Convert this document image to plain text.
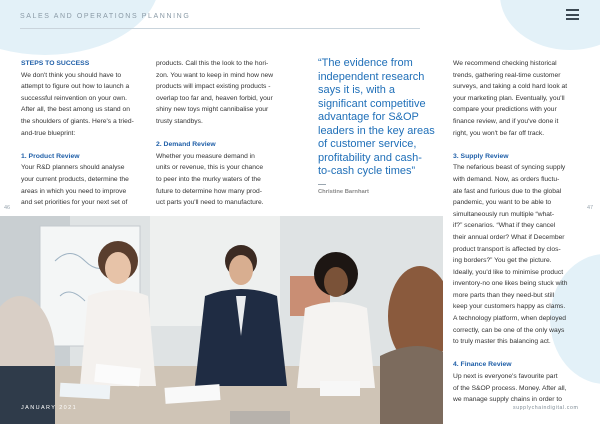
SALES AND OPERATIONS PLANNING
STEPS TO SUCCESS
We don't think you should have to
attempt to figure out how to launch a
successful reinvention on your own.
After all, the best among us stand on
the shoulders of giants. Here's a tried-
and-true blueprint:
1. Product Review
Your R&D planners should analyse
your current products, determine the
areas in which you need to improve
and set priorities for your next set of
products. Call this the look to the hori-
zon. You want to keep in mind how new
products will impact existing products -
overlap too far and, heaven forbid, your
shiny new toys might cannibalise your
trusty standbys.
2. Demand Review
Whether you measure demand in
units or revenue, this is your chance
to peer into the murky waters of the
future to determine how many prod-
uct parts you'll need to manufacture.
“The evidence from
independent research
says it is, with a
significant competitive
advantage for S&OP
leaders in the key areas
of customer service,
profitability and cash-
to-cash cycle times”
Christine Barnhart
We recommend checking historical
trends, gathering real-time customer
surveys, and taking a cold hard look at
your marketing plan. Eventually, you'll
compare your predictions with your
finance review, and if you've done it
right, you won't be far off track.
3. Supply Review
The nefarious beast of syncing supply
with demand. Now, as orders fluctu-
ate fast and furious due to the global
pandemic, you want to be able to
simultaneously run multiple “what-
if?” scenarios. “What if they cancel
their annual order? What if December
product transport is affected by clos-
ing borders?” You get the picture.
Ideally, you'd like to minimise product
inventory-no one likes being stuck with
more parts than they need-but still
keep your customers happy as clams.
A technology platform, when deployed
correctly, can be one of the only ways
to truly master this balancing act.
4. Finance Review
Up next is everyone's favourite part
of the S&OP process. Money. After all,
we manage supply chains in order to
46	47
JANUARY 2021	supplychaindigital.com
